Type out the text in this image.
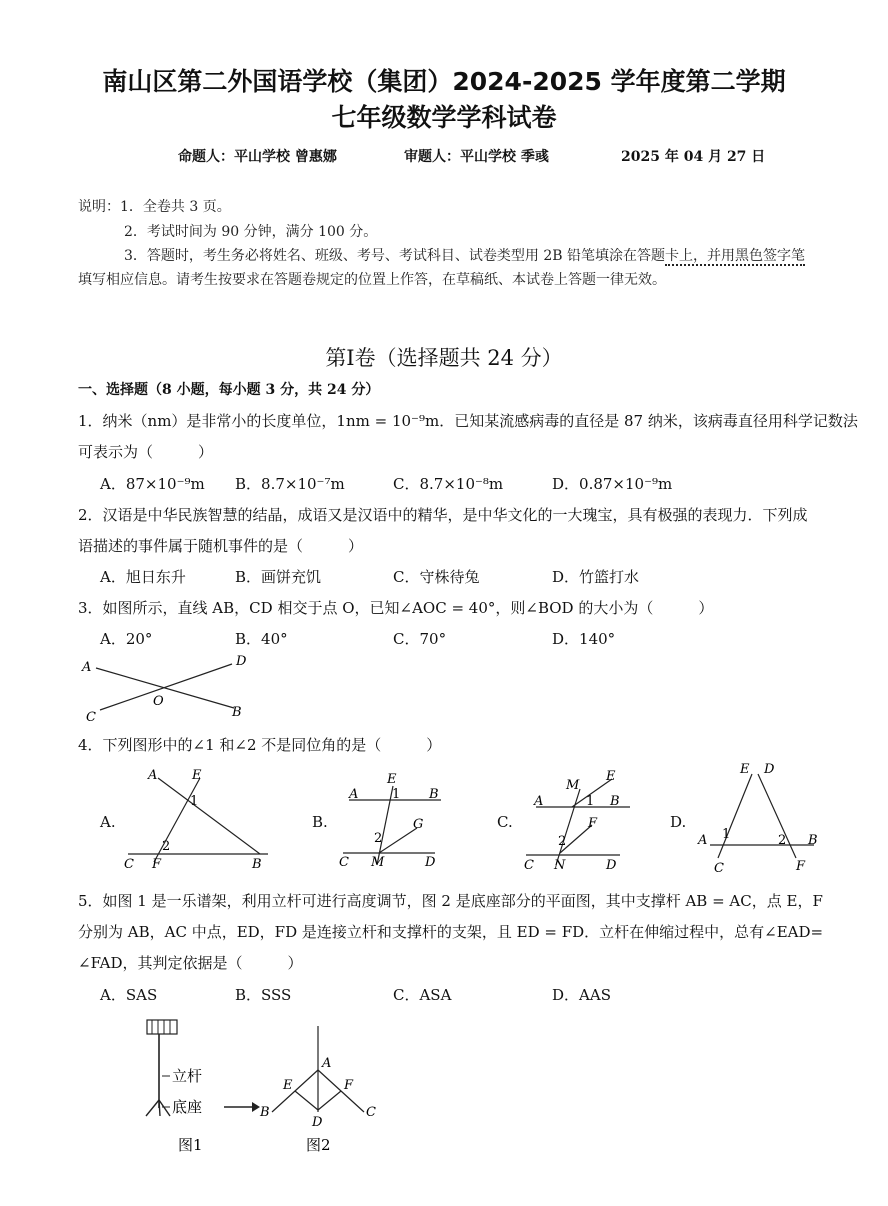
南山区第二外国语学校（集团）2024-2025 学年度第二学期
七年级数学学科试卷
命题人：平山学校 曾惠娜	审题人：平山学校 季彧	2025 年 04 月 27 日
说明：1．全卷共 3 页。
2．考试时间为 90 分钟，满分 100 分。
3．答题时，考生务必将姓名、班级、考号、考试科目、试卷类型用 2B 铅笔填涂在答题卡上，并用黑色签字笔
填写相应信息。请考生按要求在答题卷规定的位置上作答，在草稿纸、本试卷上答题一律无效。
第Ⅰ卷（选择题共 24 分）
一、选择题（8 小题，每小题 3 分，共 24 分）
1．纳米（nm）是非常小的长度单位，1nm = 10⁻⁹m．已知某流感病毒的直径是 87 纳米，该病毒直径用科学记数法
可表示为（　　　）
A．87×10⁻⁹m B．8.7×10⁻⁷m	C．8.7×10⁻⁸m	D．0.87×10⁻⁹m
2．汉语是中华民族智慧的结晶，成语又是汉语中的精华，是中华文化的一大瑰宝，具有极强的表现力．下列成
语描述的事件属于随机事件的是（　　　）
A．旭日东升	B．画饼充饥	C．守株待兔	D．竹篮打水
3．如图所示，直线 AB，CD 相交于点 O，已知∠AOC = 40°，则∠BOD 的大小为（　　　）
A．20°	B．40°	C．70°	D．140°
A	D
O
C	B
4．下列图形中的∠1 和∠2 不是同位角的是（　　　）
A.
A	E
1
2
C F	B
B.
E
A	1 B
G
2
C M	D
C.
M
E
A	1 B
F
2
C N	D
D.
E D
A 1	2 B
C	F
5．如图 1 是一乐谱架，利用立杆可进行高度调节，图 2 是底座部分的平面图，其中支撑杆 AB = AC，点 E，F
分别为 AB，AC 中点，ED，FD 是连接立杆和支撑杆的支架，且 ED = FD．立杆在伸缩过程中，总有∠EAD=
∠FAD，其判定依据是（　　　）
A．SAS	B．SSS	C．ASA	D．AAS
立杆
底座
图1
A
E	F
B
D
C
图2
